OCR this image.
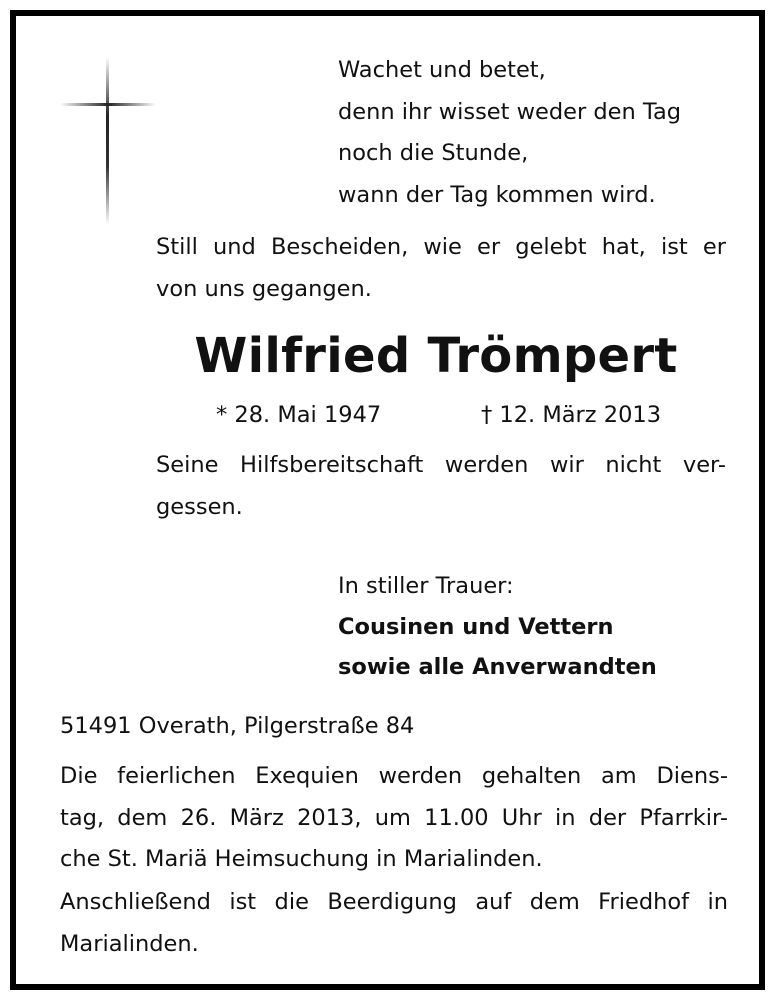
Wachet und betet,
denn ihr wisset weder den Tag
noch die Stunde,
wann der Tag kommen wird.
Still und Bescheiden, wie er gelebt hat, ist er
von uns gegangen.
Wilfried Trömpert
* 28. Mai 1947	† 12. März 2013
Seine Hilfsbereitschaft werden wir nicht ver-
gessen.
In stiller Trauer:
Cousinen und Vettern
sowie alle Anverwandten
51491 Overath, Pilgerstraße 84
Die feierlichen Exequien werden gehalten am Diens-
tag, dem 26. März 2013, um 11.00 Uhr in der Pfarrkir-
che St. Mariä Heimsuchung in Marialinden.
Anschließend ist die Beerdigung auf dem Friedhof in
Marialinden.
